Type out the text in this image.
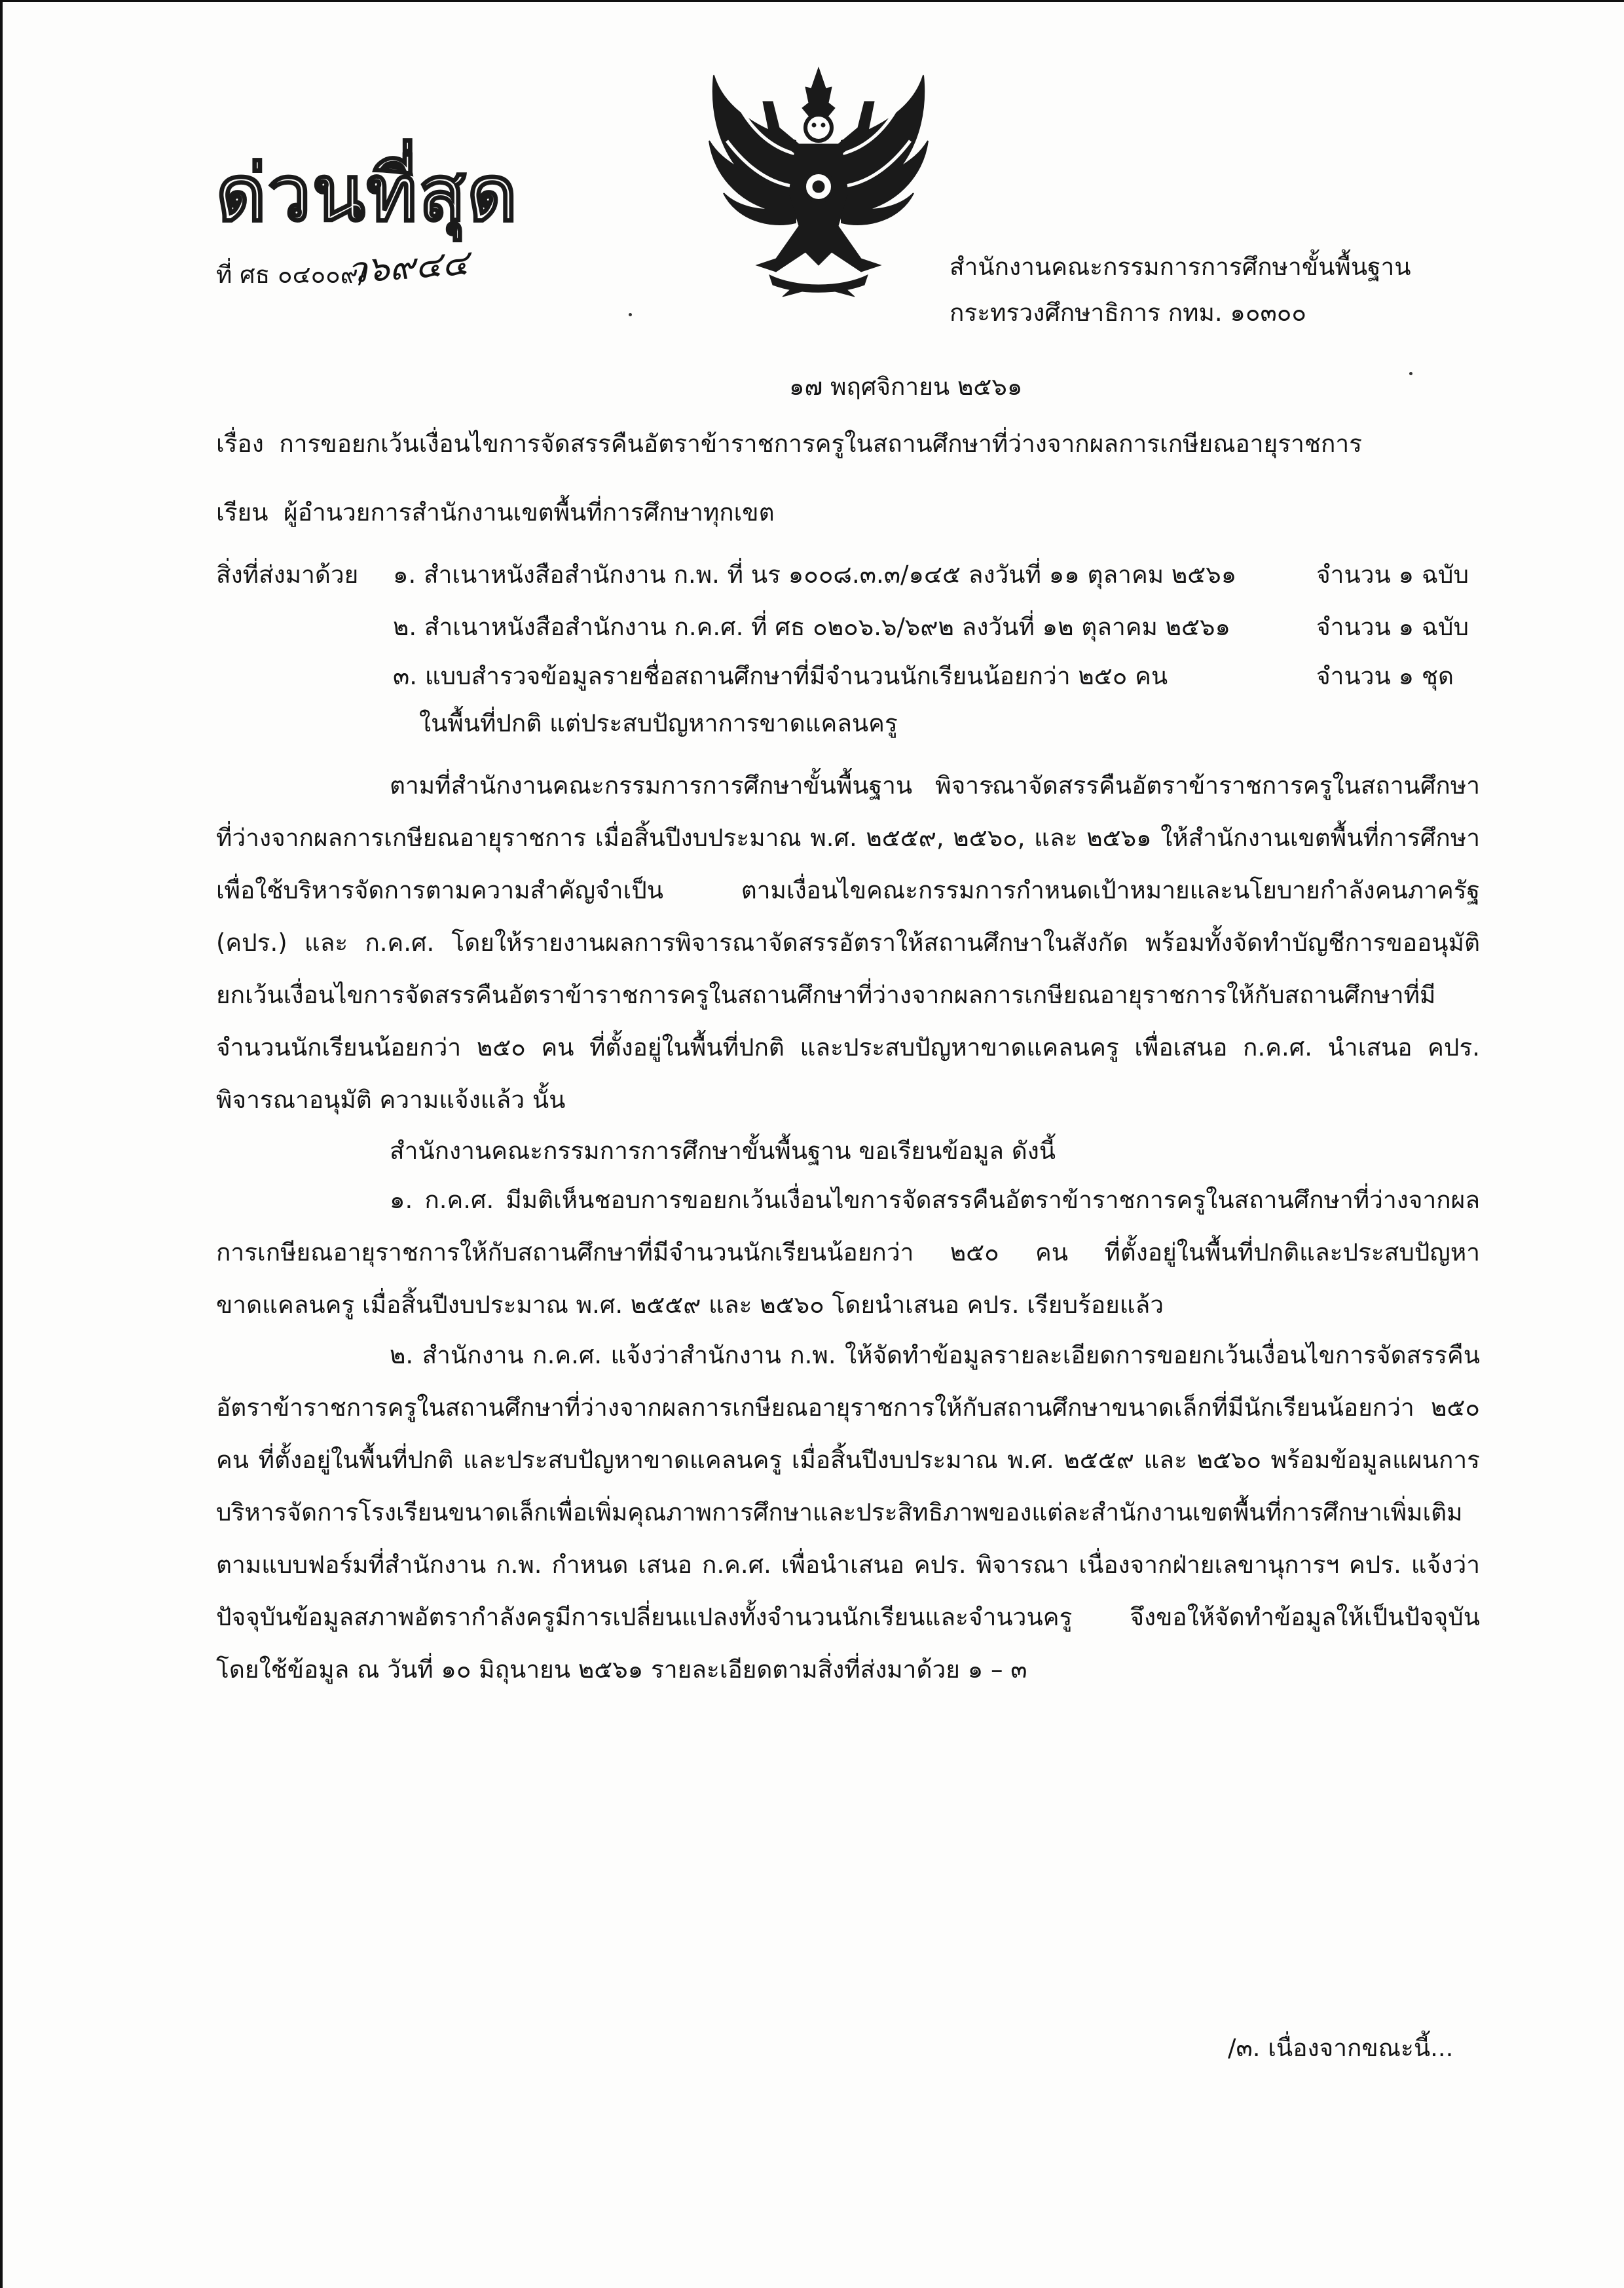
ด่วนที่สุด
ที่ ศธ ๐๔๐๐๙/
ว๖๙๔๔	สำนักงานคณะกรรมการการศึกษาขั้นพื้นฐาน
กระทรวงศึกษาธิการ กทม. ๑๐๓๐๐
๑๗ พฤศจิกายน ๒๕๖๑
เรื่อง การขอยกเว้นเงื่อนไขการจัดสรรคืนอัตราข้าราชการครูในสถานศึกษาที่ว่างจากผลการเกษียณอายุราชการ
เรียน ผู้อำนวยการสำนักงานเขตพื้นที่การศึกษาทุกเขต
สิ่งที่ส่งมาด้วย ๑. สำเนาหนังสือสำนักงาน ก.พ. ที่ นร ๑๐๐๘.๓.๓/๑๔๕ ลงวันที่ ๑๑ ตุลาคม ๒๕๖๑	จำนวน ๑ ฉบับ
๒. สำเนาหนังสือสำนักงาน ก.ค.ศ. ที่ ศธ ๐๒๐๖.๖/๖๙๒ ลงวันที่ ๑๒ ตุลาคม ๒๕๖๑	จำนวน ๑ ฉบับ
๓. แบบสำรวจข้อมูลรายชื่อสถานศึกษาที่มีจำนวนนักเรียนน้อยกว่า ๒๕๐ คน	จำนวน ๑ ชุด
ในพื้นที่ปกติ แต่ประสบปัญหาการขาดแคลนครู

ตามที่สำนักงานคณะกรรมการการศึกษาขั้นพื้นฐาน พิจารณาจัดสรรคืนอัตราข้าราชการครูในสถานศึกษาที่ว่างจากผลการเกษียณอายุราชการ เมื่อสิ้นปีงบประมาณ พ.ศ. ๒๕๕๙, ๒๕๖๐, และ ๒๕๖๑ ให้สำนักงานเขตพื้นที่การศึกษาเพื่อใช้บริหารจัดการตามความสำคัญจำเป็น ตามเงื่อนไขคณะกรรมการกำหนดเป้าหมายและนโยบายกำลังคนภาครัฐ (คปร.) และ ก.ค.ศ. โดยให้รายงานผลการพิจารณาจัดสรรอัตราให้สถานศึกษาในสังกัด พร้อมทั้งจัดทำบัญชีการขออนุมัติยกเว้นเงื่อนไขการจัดสรรคืนอัตราข้าราชการครูในสถานศึกษาที่ว่างจากผลการเกษียณอายุราชการให้กับสถานศึกษาที่มีจำนวนนักเรียนน้อยกว่า ๒๕๐ คน ที่ตั้งอยู่ในพื้นที่ปกติ และประสบปัญหาขาดแคลนครู เพื่อเสนอ ก.ค.ศ. นำเสนอ คปร. พิจารณาอนุมัติ ความแจ้งแล้ว นั้น

สำนักงานคณะกรรมการการศึกษาขั้นพื้นฐาน ขอเรียนข้อมูล ดังนี้

๑. ก.ค.ศ. มีมติเห็นชอบการขอยกเว้นเงื่อนไขการจัดสรรคืนอัตราข้าราชการครูในสถานศึกษาที่ว่างจากผลการเกษียณอายุราชการให้กับสถานศึกษาที่มีจำนวนนักเรียนน้อยกว่า ๒๕๐ คน ที่ตั้งอยู่ในพื้นที่ปกติและประสบปัญหาขาดแคลนครู เมื่อสิ้นปีงบประมาณ พ.ศ. ๒๕๕๙ และ ๒๕๖๐ โดยนำเสนอ คปร. เรียบร้อยแล้ว

๒. สำนักงาน ก.ค.ศ. แจ้งว่าสำนักงาน ก.พ. ให้จัดทำข้อมูลรายละเอียดการขอยกเว้นเงื่อนไขการจัดสรรคืนอัตราข้าราชการครูในสถานศึกษาที่ว่างจากผลการเกษียณอายุราชการให้กับสถานศึกษาขนาดเล็กที่มีนักเรียนน้อยกว่า ๒๕๐ คน ที่ตั้งอยู่ในพื้นที่ปกติ และประสบปัญหาขาดแคลนครู เมื่อสิ้นปีงบประมาณ พ.ศ. ๒๕๕๙ และ ๒๕๖๐ พร้อมข้อมูลแผนการบริหารจัดการโรงเรียนขนาดเล็กเพื่อเพิ่มคุณภาพการศึกษาและประสิทธิภาพของแต่ละสำนักงานเขตพื้นที่การศึกษาเพิ่มเติมตามแบบฟอร์มที่สำนักงาน ก.พ. กำหนด เสนอ ก.ค.ศ. เพื่อนำเสนอ คปร. พิจารณา เนื่องจากฝ่ายเลขานุการฯ คปร. แจ้งว่าปัจจุบันข้อมูลสภาพอัตรากำลังครูมีการเปลี่ยนแปลงทั้งจำนวนนักเรียนและจำนวนครู จึงขอให้จัดทำข้อมูลให้เป็นปัจจุบัน โดยใช้ข้อมูล ณ วันที่ ๑๐ มิถุนายน ๒๕๖๑ รายละเอียดตามสิ่งที่ส่งมาด้วย ๑ – ๓

/๓. เนื่องจากขณะนี้...
